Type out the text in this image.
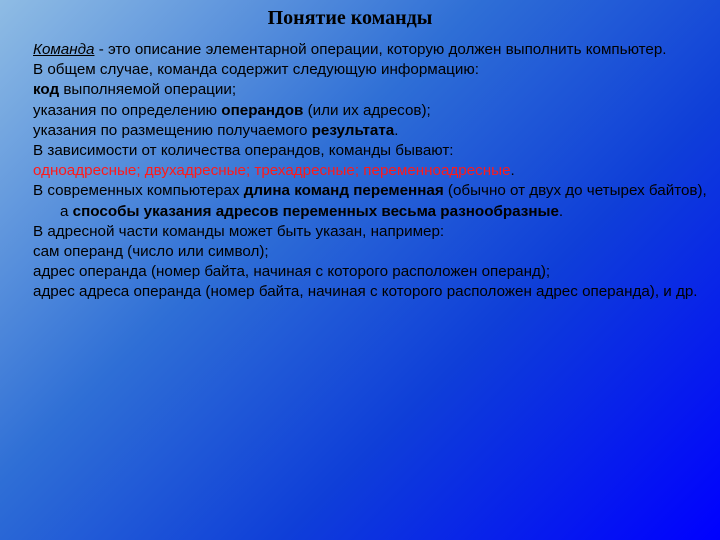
Понятие команды

Команда - это описание элементарной операции, которую должен выполнить компьютер.

В общем случае, команда содержит следующую информацию:

код выполняемой операции;

указания по определению операндов (или их адресов);

указания по размещению получаемого результата.

В зависимости от количества операндов, команды бывают:

одноадресные; двухадресные; трехадресные; переменноадресные.

В современных компьютерах длина команд переменная (обычно от двух до четырех байтов), а способы указания адресов переменных весьма разнообразные.

В адресной части команды может быть указан, например:

сам операнд (число или символ);

адрес операнда (номер байта, начиная с которого расположен операнд);

адрес адреса операнда (номер байта, начиная с которого расположен адрес операнда), и др.
